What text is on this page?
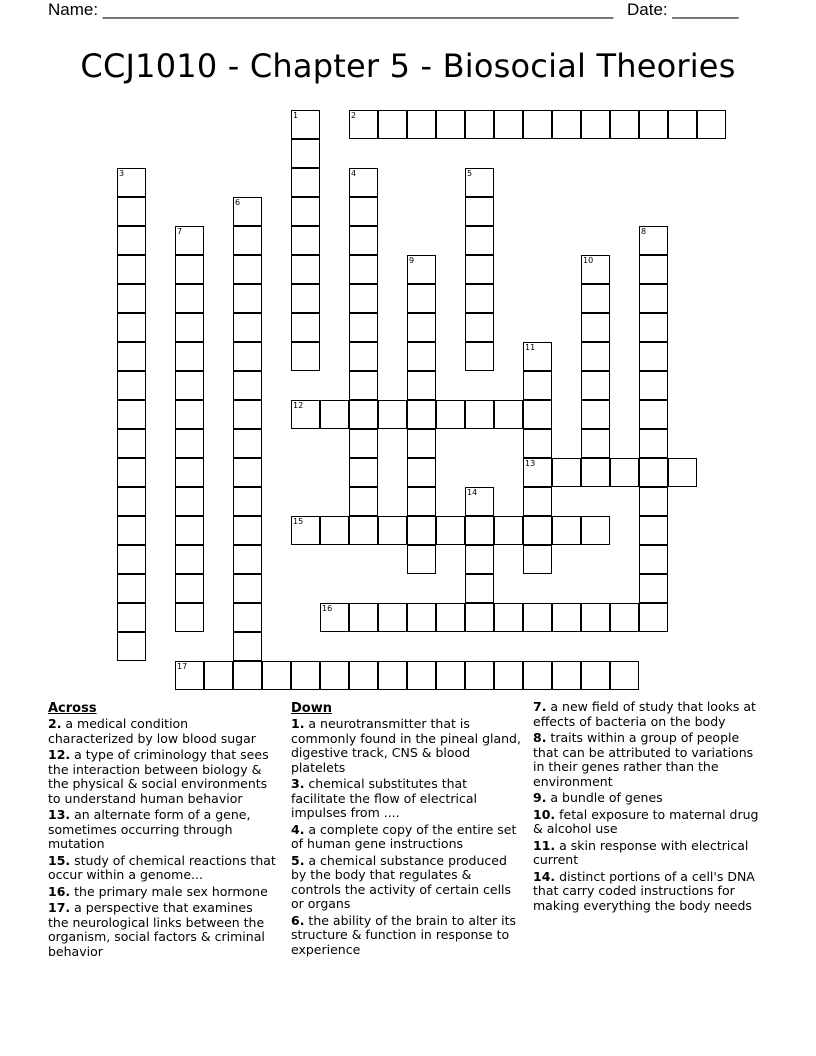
Name: ______________________________________________________ Date: _______
CCJ1010 - Chapter 5 - Biosocial Theories
1	2
3	4	5
6
7	8
9	10
11
13
12
14
15
16
17
Across
2. a medical condition characterized by low blood sugar
12. a type of criminology that sees the interaction between biology & the physical & social environments to understand human behavior
13. an alternate form of a gene, sometimes occurring through mutation
15. study of chemical reactions that occur within a genome...
16. the primary male sex hormone
17. a perspective that examines the neurological links between the organism, social factors & criminal behavior
Down
1. a neurotransmitter that is commonly found in the pineal gland, digestive track, CNS & blood platelets
3. chemical substitutes that facilitate the flow of electrical impulses from ....
4. a complete copy of the entire set of human gene instructions
5. a chemical substance produced by the body that regulates & controls the activity of certain cells or organs
6. the ability of the brain to alter its structure & function in response to experience
7. a new field of study that looks at effects of bacteria on the body
8. traits within a group of people that can be attributed to variations in their genes rather than the environment
9. a bundle of genes
10. fetal exposure to maternal drug & alcohol use
11. a skin response with electrical current
14. distinct portions of a cell's DNA that carry coded instructions for making everything the body needs
